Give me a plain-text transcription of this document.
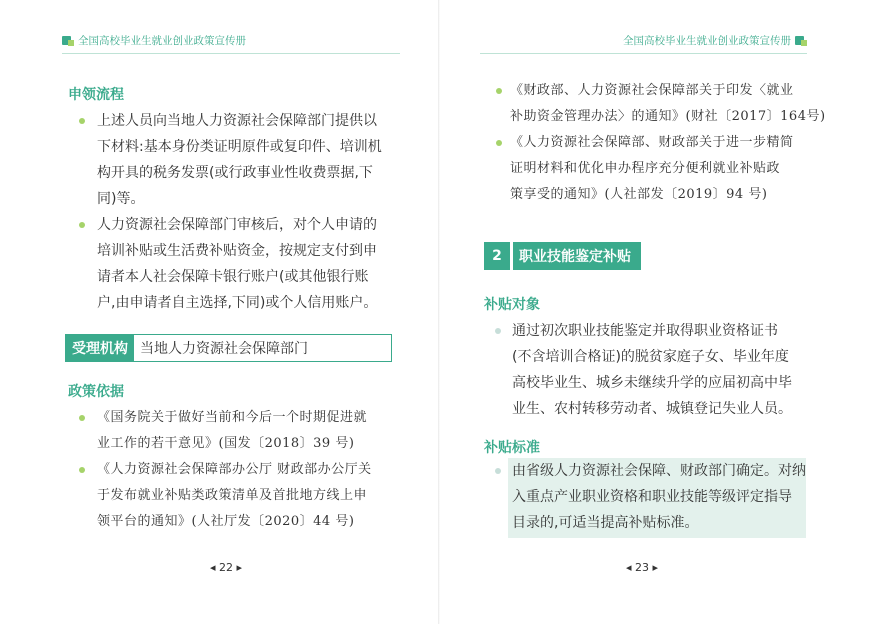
全国高校毕业生就业创业政策宣传册
申领流程
上述人员向当地人力资源社会保障部门提供以
下材料:基本身份类证明原件或复印件、培训机
构开具的税务发票(或行政事业性收费票据,下
同)等。
人力资源社会保障部门审核后，对个人申请的
培训补贴或生活费补贴资金，按规定支付到申
请者本人社会保障卡银行账户(或其他银行账
户,由申请者自主选择,下同)或个人信用账户。
受理机构 当地人力资源社会保障部门
政策依据
《国务院关于做好当前和今后一个时期促进就
业工作的若干意见》(国发〔2018〕39 号)
《人力资源社会保障部办公厅 财政部办公厅关
于发布就业补贴类政策清单及首批地方线上申
领平台的通知》(人社厅发〔2020〕44 号)
◂ 22 ▸
全国高校毕业生就业创业政策宣传册
《财政部、人力资源社会保障部关于印发〈就业
补助资金管理办法〉的通知》(财社〔2017〕164号)
《人力资源社会保障部、财政部关于进一步精简
证明材料和优化申办程序充分便利就业补贴政
策享受的通知》(人社部发〔2019〕94 号)
2	职业技能鉴定补贴
补贴对象
通过初次职业技能鉴定并取得职业资格证书
(不含培训合格证)的脱贫家庭子女、毕业年度
高校毕业生、城乡未继续升学的应届初高中毕
业生、农村转移劳动者、城镇登记失业人员。
补贴标准
由省级人力资源社会保障、财政部门确定。对纳
入重点产业职业资格和职业技能等级评定指导
目录的,可适当提高补贴标准。
◂ 23 ▸
